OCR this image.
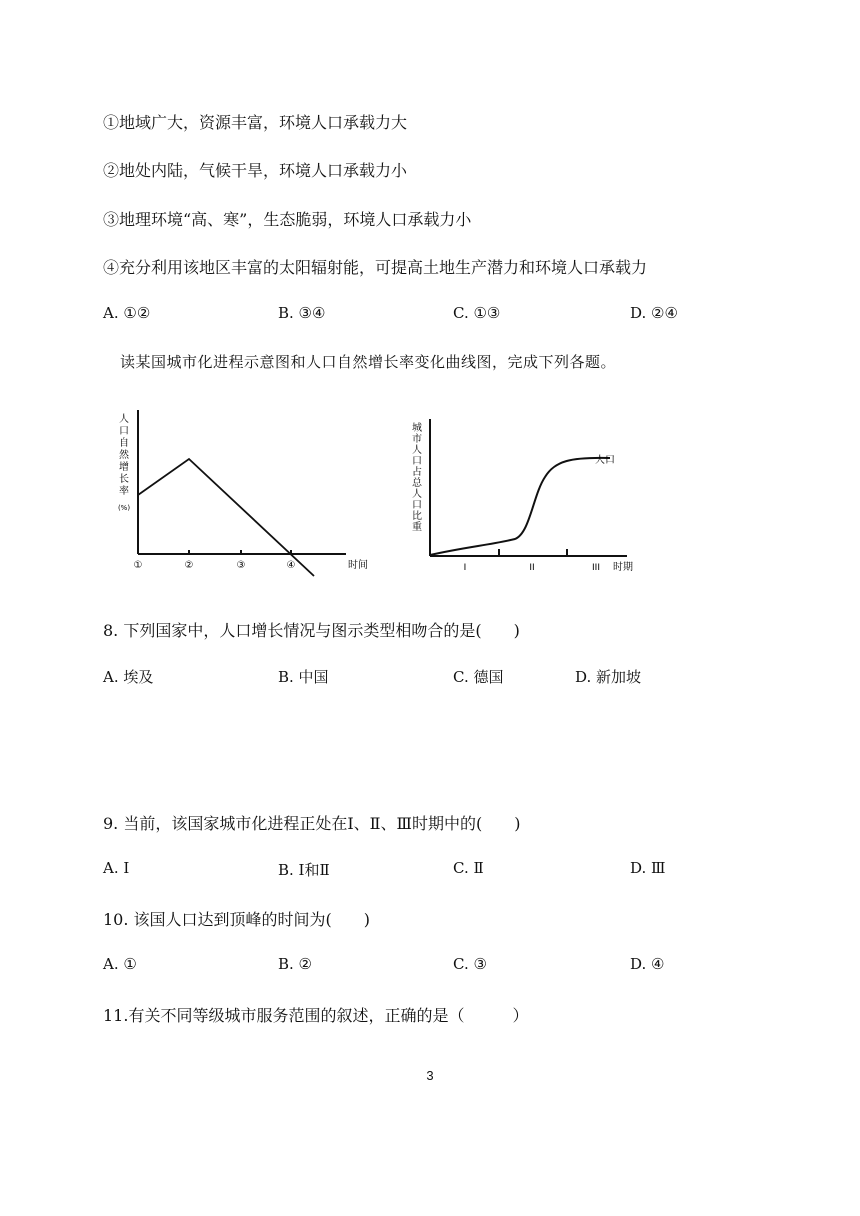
①地域广大，资源丰富，环境人口承载力大
②地处内陆，气候干旱，环境人口承载力小
③地理环境“高、寒”，生态脆弱，环境人口承载力小
④充分利用该地区丰富的太阳辐射能，可提高土地生产潜力和环境人口承载力
A. ①②	B. ③④	C. ①③	D. ②④
读某国城市化进程示意图和人口自然增长率变化曲线图，完成下列各题。
人
口
自
然
增
长
率
(%)
①	②	③	④	时间
城
市
人
口
占
总
人
口
比
重
人口
I	II	III 时期
8. 下列国家中，人口增长情况与图示类型相吻合的是(　　)
A. 埃及	B. 中国	C. 德国	D. 新加坡
9. 当前，该国家城市化进程正处在Ⅰ、Ⅱ、Ⅲ时期中的(　　)
A. Ⅰ	B. Ⅰ和Ⅱ	C. Ⅱ	D. Ⅲ
10. 该国人口达到顶峰的时间为(　　)
A. ①	B. ②	C. ③	D. ④
11.有关不同等级城市服务范围的叙述，正确的是（　　　）
3
